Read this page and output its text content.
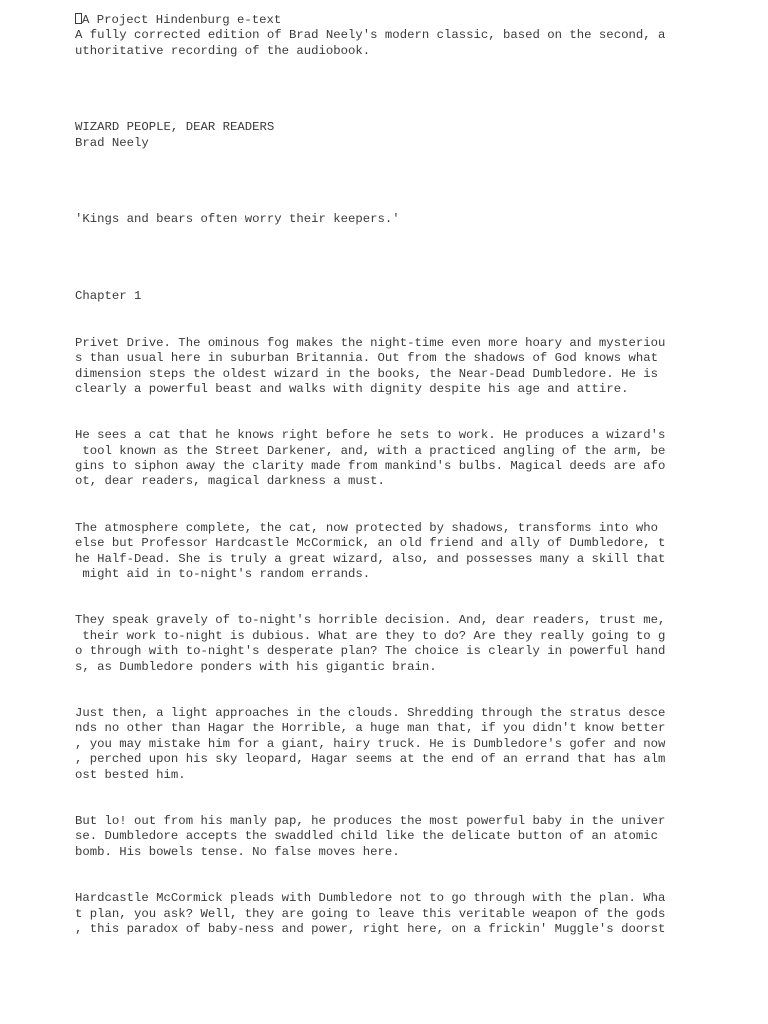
A Project Hindenburg e-text
A fully corrected edition of Brad Neely's modern classic, based on the second, a
uthoritative recording of the audiobook.
WIZARD PEOPLE, DEAR READERS
Brad Neely
'Kings and bears often worry their keepers.'
Chapter 1
Privet Drive. The ominous fog makes the night-time even more hoary and mysteriou
s than usual here in suburban Britannia. Out from the shadows of God knows what
dimension steps the oldest wizard in the books, the Near-Dead Dumbledore. He is
clearly a powerful beast and walks with dignity despite his age and attire.
He sees a cat that he knows right before he sets to work. He produces a wizard's
tool known as the Street Darkener, and, with a practiced angling of the arm, be
gins to siphon away the clarity made from mankind's bulbs. Magical deeds are afo
ot, dear readers, magical darkness a must.
The atmosphere complete, the cat, now protected by shadows, transforms into who
else but Professor Hardcastle McCormick, an old friend and ally of Dumbledore, t
he Half-Dead. She is truly a great wizard, also, and possesses many a skill that
might aid in to-night's random errands.
They speak gravely of to-night's horrible decision. And, dear readers, trust me,
their work to-night is dubious. What are they to do? Are they really going to g
o through with to-night's desperate plan? The choice is clearly in powerful hand
s, as Dumbledore ponders with his gigantic brain.
Just then, a light approaches in the clouds. Shredding through the stratus desce
nds no other than Hagar the Horrible, a huge man that, if you didn't know better
, you may mistake him for a giant, hairy truck. He is Dumbledore's gofer and now
, perched upon his sky leopard, Hagar seems at the end of an errand that has alm
ost bested him.
But lo! out from his manly pap, he produces the most powerful baby in the univer
se. Dumbledore accepts the swaddled child like the delicate button of an atomic
bomb. His bowels tense. No false moves here.
Hardcastle McCormick pleads with Dumbledore not to go through with the plan. Wha
t plan, you ask? Well, they are going to leave this veritable weapon of the gods
, this paradox of baby-ness and power, right here, on a frickin' Muggle's doorst
